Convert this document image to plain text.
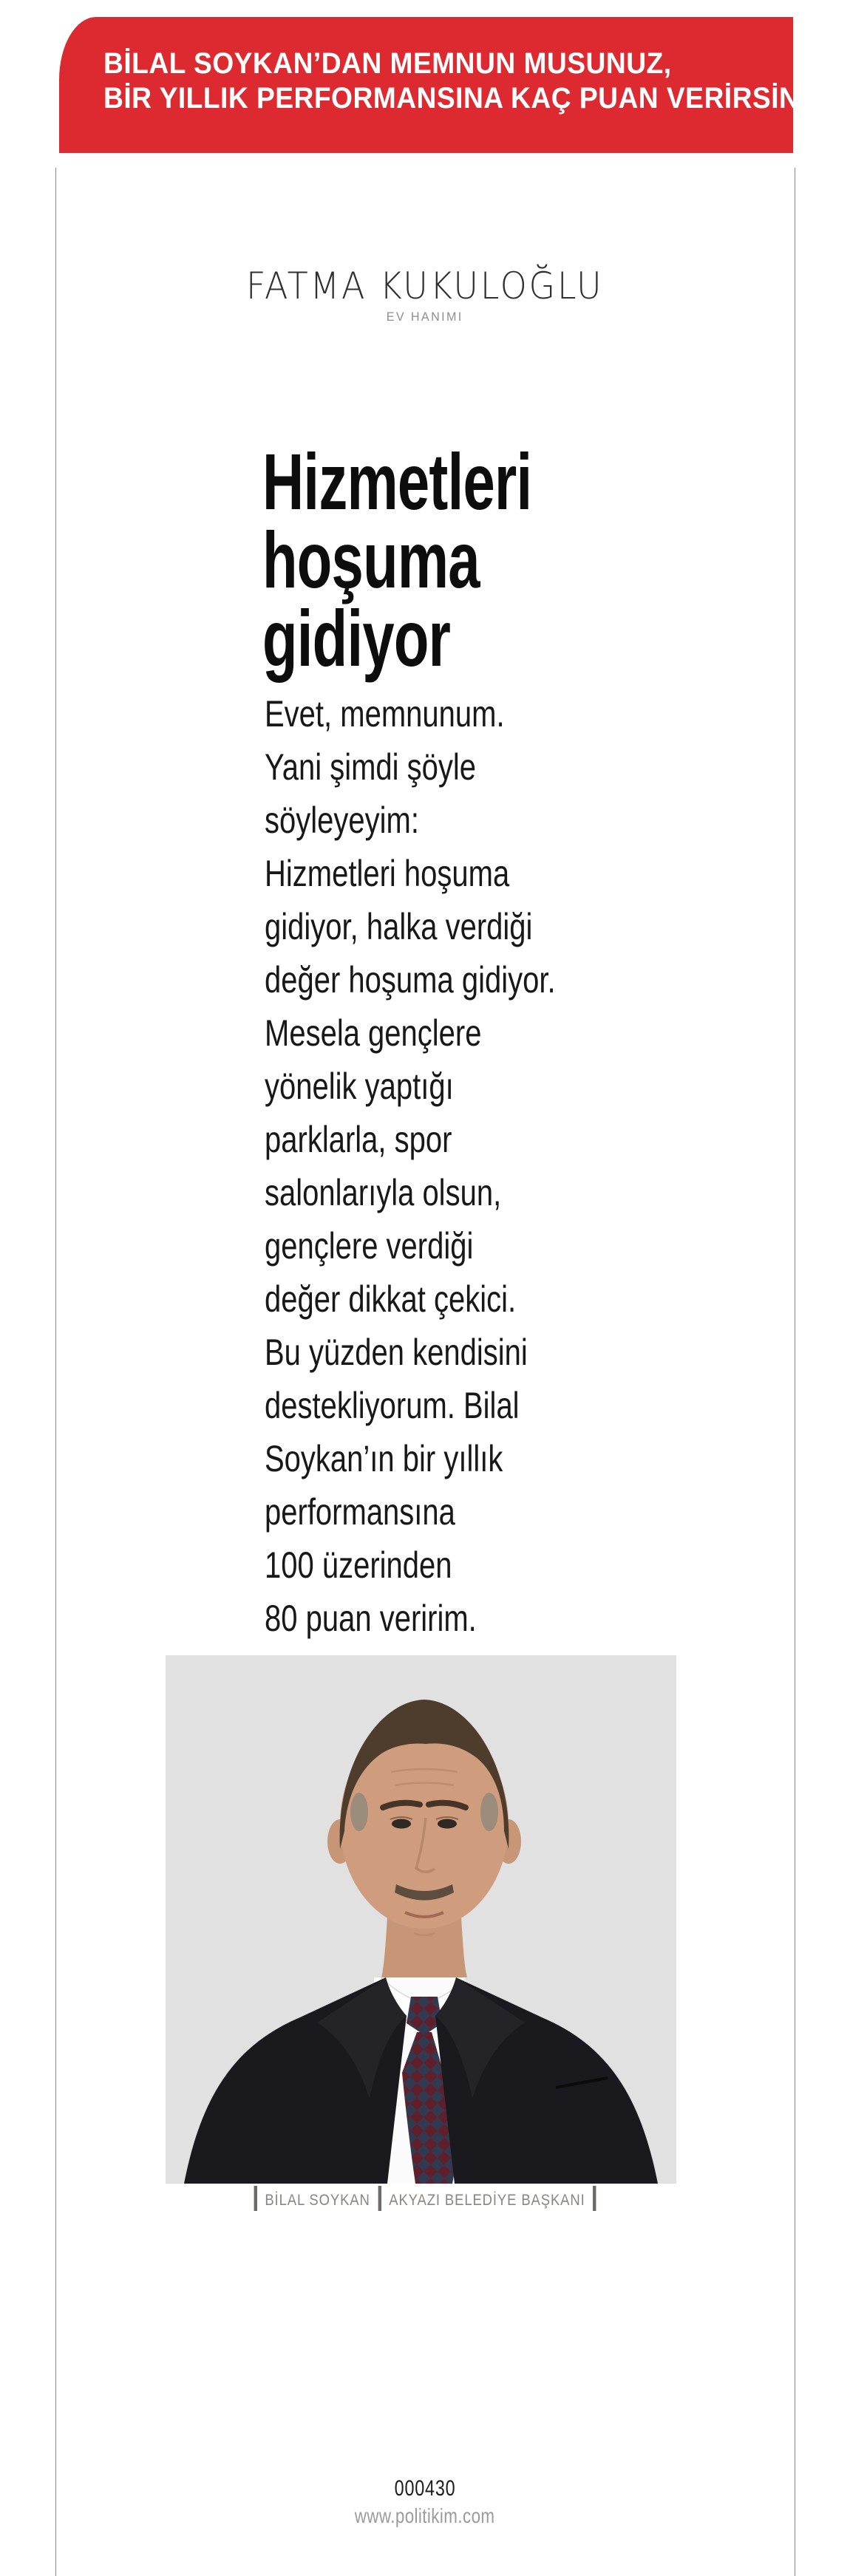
BİLAL SOYKAN’DAN MEMNUN MUSUNUZ,
BİR YILLIK PERFORMANSINA KAÇ PUAN VERİRSİNİZ?
FATMA KUKULOĞLU
EV HANIMI
Hizmetleri
hoşuma
gidiyor
Evet, memnunum.
Yani şimdi şöyle
söyleyeyim:
Hizmetleri hoşuma
gidiyor, halka verdiği
değer hoşuma gidiyor.
Mesela gençlere
yönelik yaptığı
parklarla, spor
salonlarıyla olsun,
gençlere verdiği
değer dikkat çekici.
Bu yüzden kendisini
destekliyorum. Bilal
Soykan’ın bir yıllık
performansına
100 üzerinden
80 puan veririm.
BİLAL SOYKAN AKYAZI BELEDİYE BAŞKANI
000430
www.politikim.com
